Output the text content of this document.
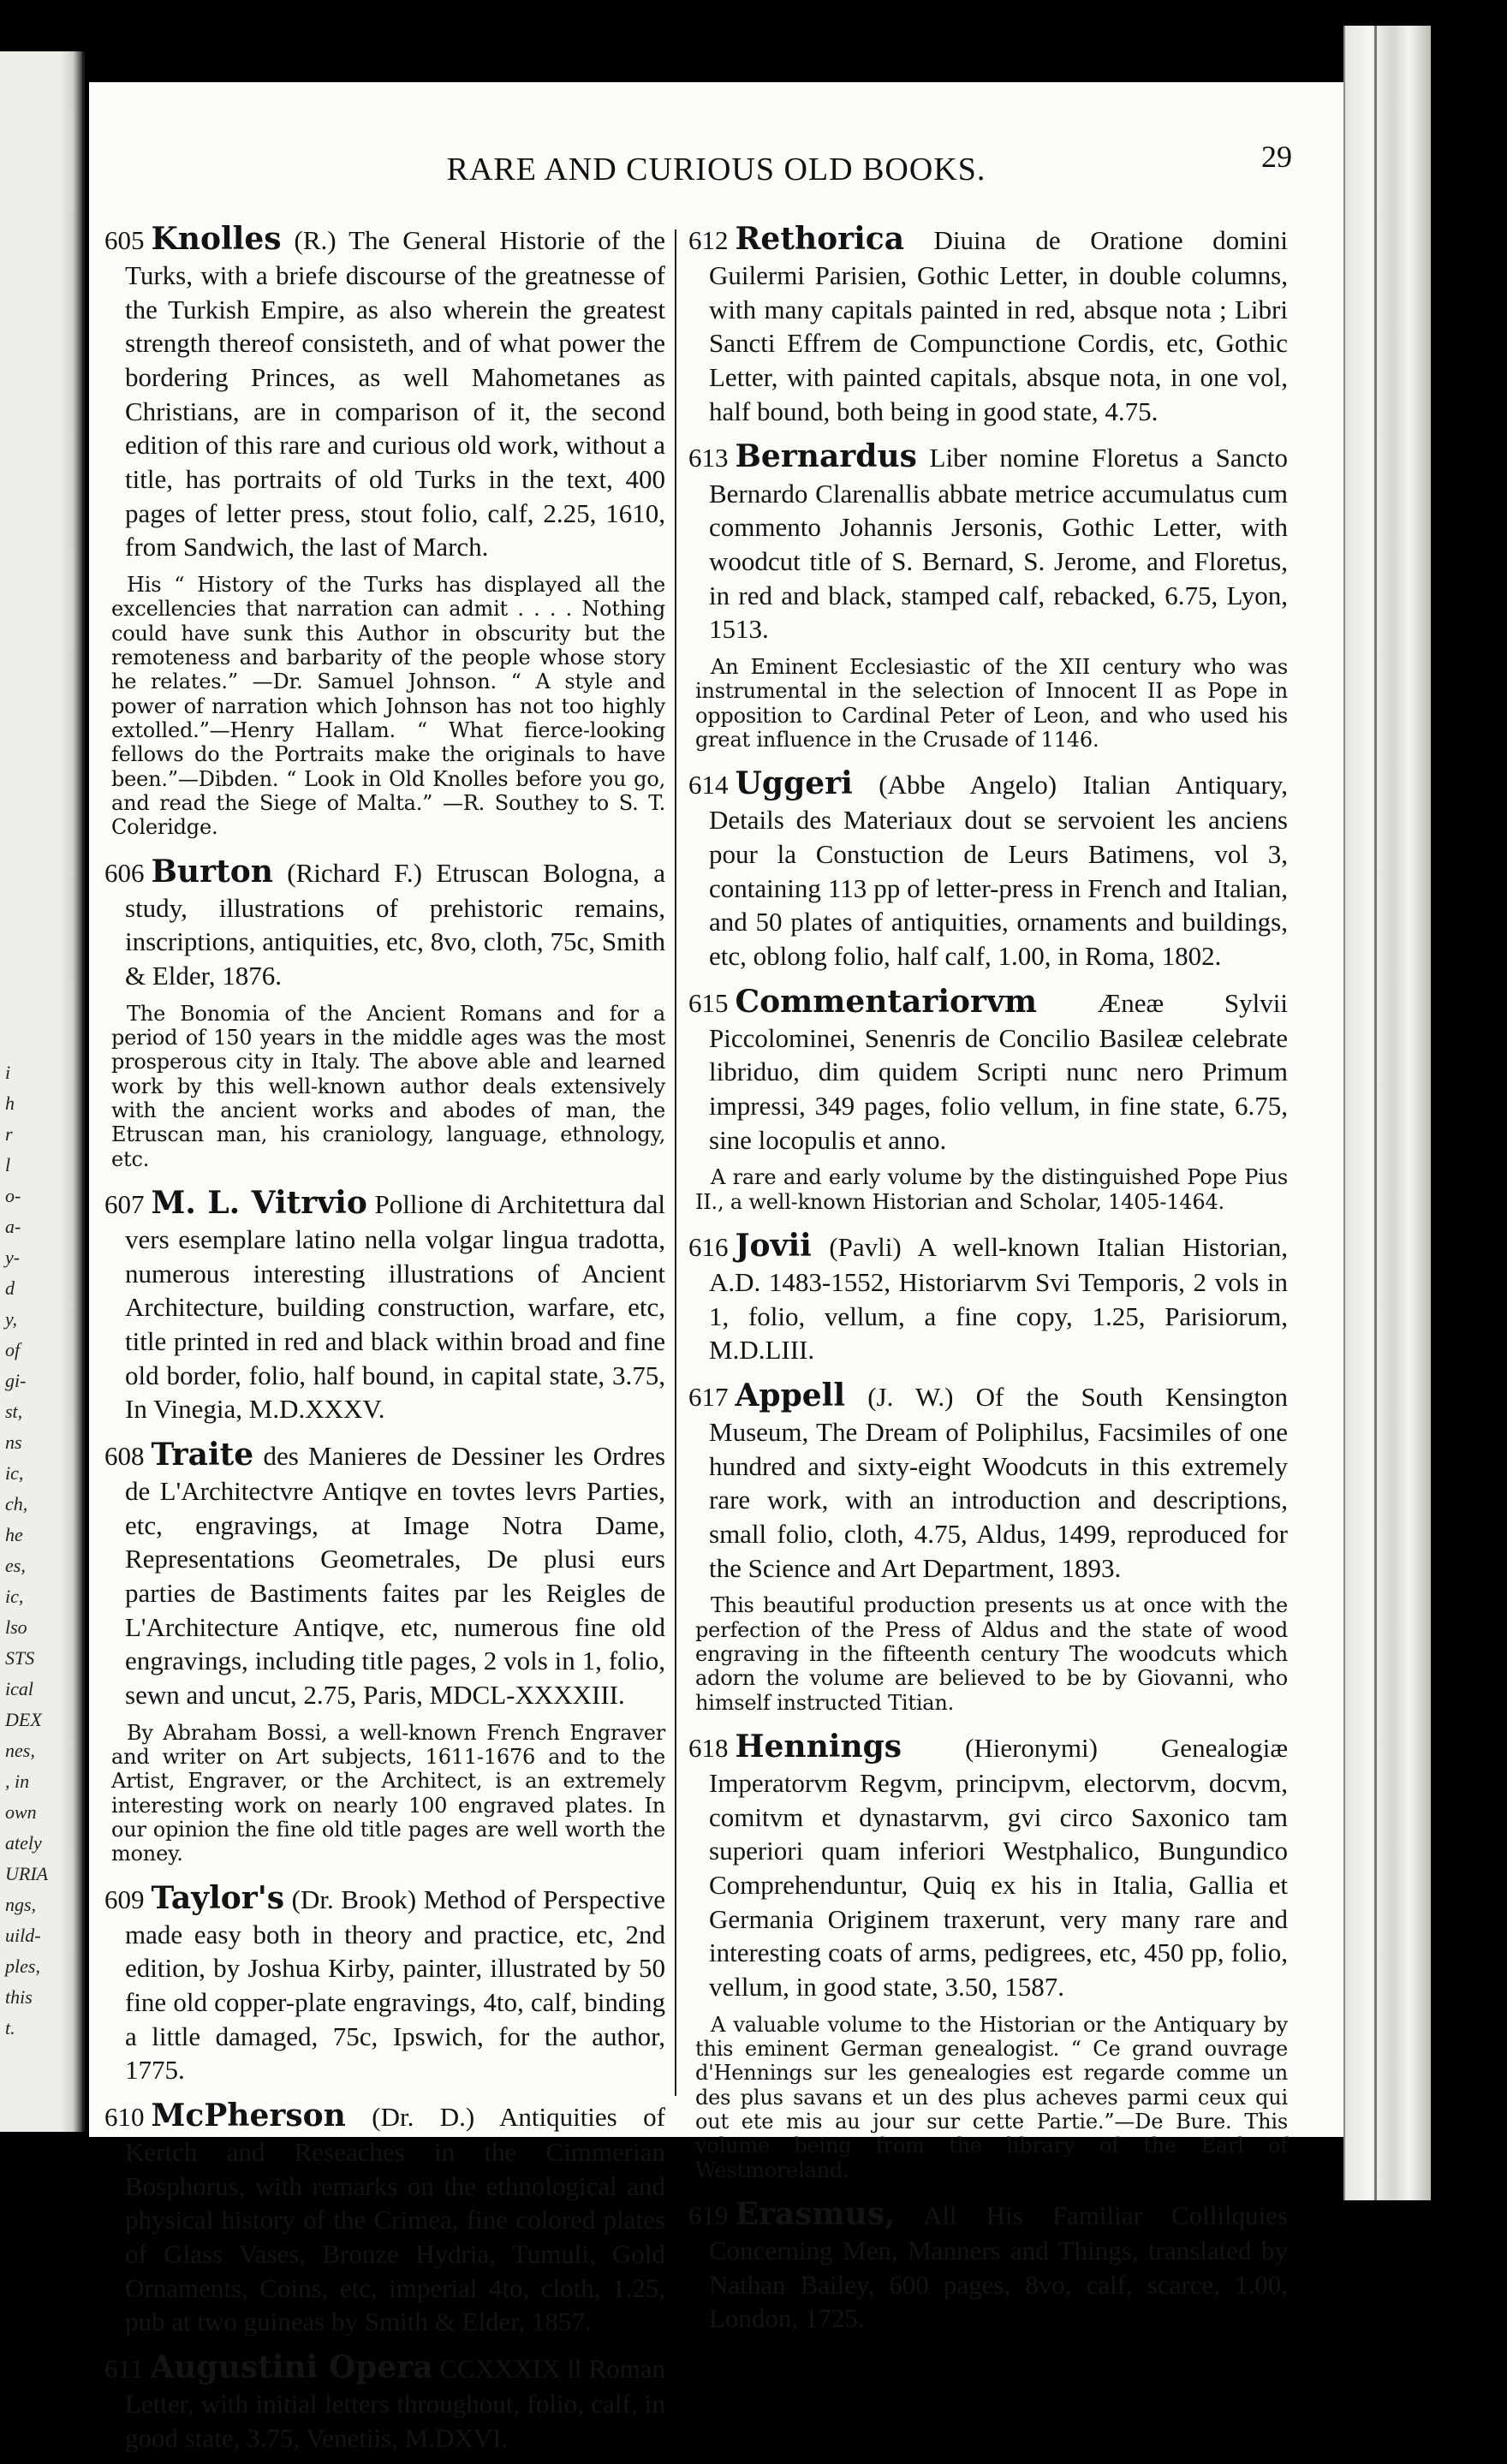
i
h
r
l
o-
a-
y-
d
y,
of
gi-
st,
ns
ic,
ch,
he
es,
ic,
lso
STS
ical
DEX
nes,
, in
own
ately
URIA
ngs,
uild-
ples,
this
t.
29
RARE AND CURIOUS OLD BOOKS.
605 Knolles (R.) The General Historie of the Turks, with a briefe discourse of the greatnesse of the Turkish Empire, as also wherein the greatest strength thereof consisteth, and of what power the bordering Princes, as well Mahometanes as Christians, are in comparison of it, the second edition of this rare and curious old work, without a title, has portraits of old Turks in the text, 400 pages of letter press, stout folio, calf, 2.25, 1610, from Sandwich, the last of March.
His “ History of the Turks has displayed all the excellencies that narration can admit . . . . Nothing could have sunk this Author in obscurity but the remoteness and barbarity of the people whose story he relates.” —Dr. Samuel Johnson. “ A style and power of narration which Johnson has not too highly extolled.”—Henry Hallam. “ What fierce-looking fellows do the Portraits make the originals to have been.”—Dibden. “ Look in Old Knolles before you go, and read the Siege of Malta.” —R. Southey to S. T. Coleridge.
606 Burton (Richard F.) Etruscan Bologna, a study, illustrations of prehistoric remains, inscriptions, antiquities, etc, 8vo, cloth, 75c, Smith & Elder, 1876.
The Bonomia of the Ancient Romans and for a period of 150 years in the middle ages was the most prosperous city in Italy. The above able and learned work by this well-known author deals extensively with the ancient works and abodes of man, the Etruscan man, his craniology, language, ethnology, etc.
607 M. L. Vitrvio Pollione di Architettura dal vers esemplare latino nella volgar lingua tradotta, numerous interesting illustrations of Ancient Architecture, building construction, warfare, etc, title printed in red and black within broad and fine old border, folio, half bound, in capital state, 3.75, In Vinegia, M.D.XXXV.
608 Traite des Manieres de Dessiner les Ordres de L'Architectvre Antiqve en tovtes levrs Parties, etc, engravings, at Image Notra Dame, Representations Geometrales, De plusi eurs parties de Bastiments faites par les Reigles de L'Architecture Antiqve, etc, numerous fine old engravings, including title pages, 2 vols in 1, folio, sewn and uncut, 2.75, Paris, MDCL-XXXXIII.
By Abraham Bossi, a well-known French Engraver and writer on Art subjects, 1611-1676 and to the Artist, Engraver, or the Architect, is an extremely interesting work on nearly 100 engraved plates. In our opinion the fine old title pages are well worth the money.
609 Taylor's (Dr. Brook) Method of Perspective made easy both in theory and practice, etc, 2nd edition, by Joshua Kirby, painter, illustrated by 50 fine old copper-plate engravings, 4to, calf, binding a little damaged, 75c, Ipswich, for the author, 1775.
610 McPherson (Dr. D.) Antiquities of Kertch and Reseaches in the Cimmerian Bosphorus, with remarks on the ethnological and physical history of the Crimea, fine colored plates of Glass Vases, Bronze Hydria, Tumuli, Gold Ornaments, Coins, etc, imperial 4to, cloth, 1.25, pub at two guineas by Smith & Elder, 1857.
611 Augustini Opera CCXXXIX ll Roman Letter, with initial letters throughout, folio, calf, in good state, 3.75, Venetiis, M.DXVI.
612 Rethorica Diuina de Oratione domini Guilermi Parisien, Gothic Letter, in double columns, with many capitals painted in red, absque nota ; Libri Sancti Effrem de Compunctione Cordis, etc, Gothic Letter, with painted capitals, absque nota, in one vol, half bound, both being in good state, 4.75.
613 Bernardus Liber nomine Floretus a Sancto Bernardo Clarenallis abbate metrice accumulatus cum commento Johannis Jersonis, Gothic Letter, with woodcut title of S. Bernard, S. Jerome, and Floretus, in red and black, stamped calf, rebacked, 6.75, Lyon, 1513.
An Eminent Ecclesiastic of the XII century who was instrumental in the selection of Innocent II as Pope in opposition to Cardinal Peter of Leon, and who used his great influence in the Crusade of 1146.
614 Uggeri (Abbe Angelo) Italian Antiquary, Details des Materiaux dout se servoient les anciens pour la Constuction de Leurs Batimens, vol 3, containing 113 pp of letter-press in French and Italian, and 50 plates of antiquities, ornaments and buildings, etc, oblong folio, half calf, 1.00, in Roma, 1802.
615 Commentariorvm Æneæ Sylvii Piccolominei, Senenris de Concilio Basileæ celebrate libriduo, dim quidem Scripti nunc nero Primum impressi, 349 pages, folio vellum, in fine state, 6.75, sine locopulis et anno.
A rare and early volume by the distinguished Pope Pius II., a well-known Historian and Scholar, 1405-1464.
616 Jovii (Pavli) A well-known Italian Historian, A.D. 1483-1552, Historiarvm Svi Temporis, 2 vols in 1, folio, vellum, a fine copy, 1.25, Parisiorum, M.D.LIII.
617 Appell (J. W.) Of the South Kensington Museum, The Dream of Poliphilus, Facsimiles of one hundred and sixty-eight Woodcuts in this extremely rare work, with an introduction and descriptions, small folio, cloth, 4.75, Aldus, 1499, reproduced for the Science and Art Department, 1893.
This beautiful production presents us at once with the perfection of the Press of Aldus and the state of wood engraving in the fifteenth century The woodcuts which adorn the volume are believed to be by Giovanni, who himself instructed Titian.
618 Hennings (Hieronymi) Genealogiæ Imperatorvm Regvm, principvm, electorvm, docvm, comitvm et dynastarvm, gvi circo Saxonico tam superiori quam inferiori Westphalico, Bungundico Comprehenduntur, Quiq ex his in Italia, Gallia et Germania Originem traxerunt, very many rare and interesting coats of arms, pedigrees, etc, 450 pp, folio, vellum, in good state, 3.50, 1587.
A valuable volume to the Historian or the Antiquary by this eminent German genealogist. “ Ce grand ouvrage d'Hennings sur les genealogies est regarde comme un des plus savans et un des plus acheves parmi ceux qui out ete mis au jour sur cette Partie.”—De Bure. This volume being from the library of the Earl of Westmoreland.
619 Erasmus, All His Familiar Collilquies Concerning Men, Manners and Things, translated by Nathan Bailey, 600 pages, 8vo, calf, scarce, 1.00, London, 1725.
